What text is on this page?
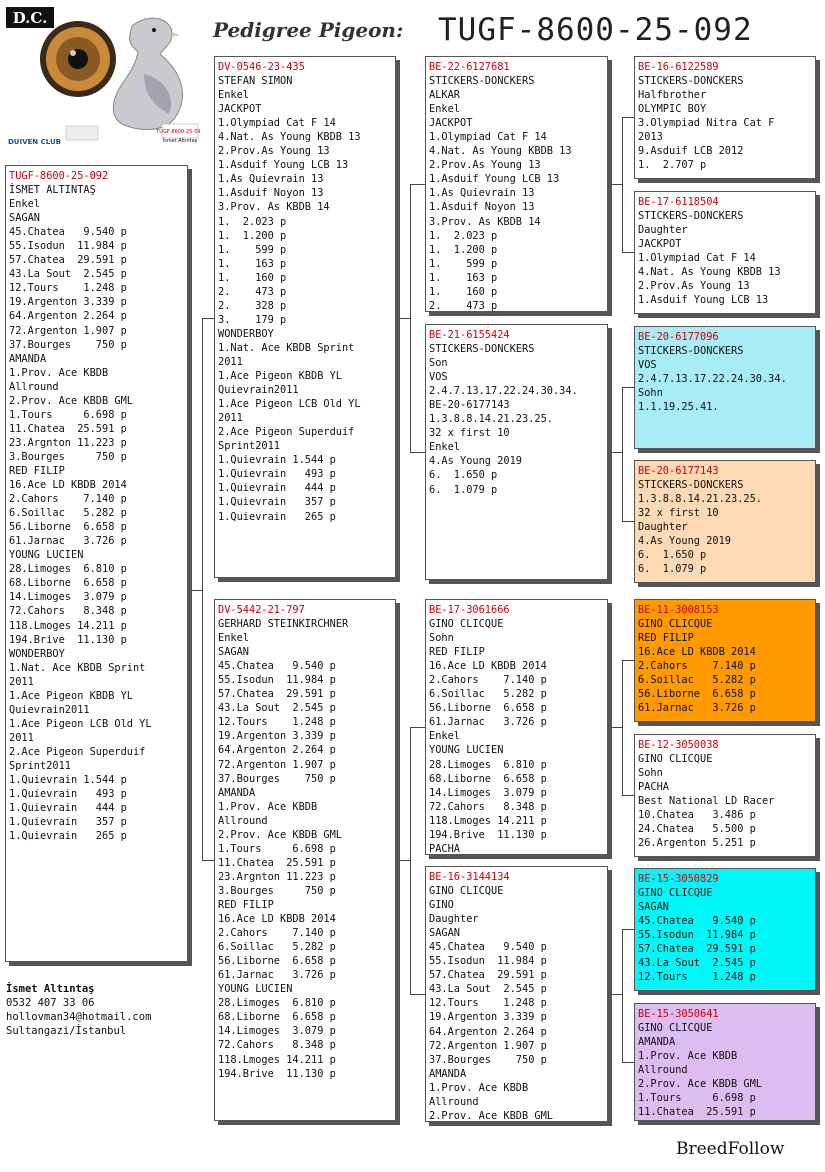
D.C.
TUGF-8600-25-092
İsmet Altıntaş
DUIVEN CLUB
Pedigree Pigeon: TUGF-8600-25-092
TUGF-8600-25-092
İSMET ALTINTAŞ
Enkel
SAGAN
45.Chatea   9.540 p
55.Isodun  11.984 p
57.Chatea  29.591 p
43.La Sout  2.545 p
12.Tours    1.248 p
19.Argenton 3.339 p
64.Argenton 2.264 p
72.Argenton 1.907 p
37.Bourges    750 p
AMANDA
1.Prov. Ace KBDB
Allround
2.Prov. Ace KBDB GML
1.Tours     6.698 p
11.Chatea  25.591 p
23.Argnton 11.223 p
3.Bourges     750 p
RED FILIP
16.Ace LD KBDB 2014
2.Cahors    7.140 p
6.Soillac   5.282 p
56.Liborne  6.658 p
61.Jarnac   3.726 p
YOUNG LUCIEN
28.Limoges  6.810 p
68.Liborne  6.658 p
14.Limoges  3.079 p
72.Cahors   8.348 p
118.Lmoges 14.211 p
194.Brive  11.130 p
WONDERBOY
1.Nat. Ace KBDB Sprint
2011
1.Ace Pigeon KBDB YL
Quievrain2011
1.Ace Pigeon LCB Old YL
2011
2.Ace Pigeon Superduif
Sprint2011
1.Quievrain 1.544 p
1.Quievrain   493 p
1.Quievrain   444 p
1.Quievrain   357 p
1.Quievrain   265 p
DV-0546-23-435
STEFAN SIMON
Enkel
JACKPOT
1.Olympiad Cat F 14
4.Nat. As Young KBDB 13
2.Prov.As Young 13
1.Asduif Young LCB 13
1.As Quievrain 13
1.Asduif Noyon 13
3.Prov. As KBDB 14
1.  2.023 p
1.  1.200 p
1.    599 p
1.    163 p
1.    160 p
2.    473 p
2.    328 p
3.    179 p
WONDERBOY
1.Nat. Ace KBDB Sprint
2011
1.Ace Pigeon KBDB YL
Quievrain2011
1.Ace Pigeon LCB Old YL
2011
2.Ace Pigeon Superduif
Sprint2011
1.Quievrain 1.544 p
1.Quievrain   493 p
1.Quievrain   444 p
1.Quievrain   357 p
1.Quievrain   265 p
DV-5442-21-797
GERHARD STEINKIRCHNER
Enkel
SAGAN
45.Chatea   9.540 p
55.Isodun  11.984 p
57.Chatea  29.591 p
43.La Sout  2.545 p
12.Tours    1.248 p
19.Argenton 3.339 p
64.Argenton 2.264 p
72.Argenton 1.907 p
37.Bourges    750 p
AMANDA
1.Prov. Ace KBDB
Allround
2.Prov. Ace KBDB GML
1.Tours     6.698 p
11.Chatea  25.591 p
23.Argnton 11.223 p
3.Bourges     750 p
RED FILIP
16.Ace LD KBDB 2014
2.Cahors    7.140 p
6.Soillac   5.282 p
56.Liborne  6.658 p
61.Jarnac   3.726 p
YOUNG LUCIEN
28.Limoges  6.810 p
68.Liborne  6.658 p
14.Limoges  3.079 p
72.Cahors   8.348 p
118.Lmoges 14.211 p
194.Brive  11.130 p
BE-22-6127681
STICKERS-DONCKERS
ALKAR
Enkel
JACKPOT
1.Olympiad Cat F 14
4.Nat. As Young KBDB 13
2.Prov.As Young 13
1.Asduif Young LCB 13
1.As Quievrain 13
1.Asduif Noyon 13
3.Prov. As KBDB 14
1.  2.023 p
1.  1.200 p
1.    599 p
1.    163 p
1.    160 p
2.    473 p
BE-21-6155424
STICKERS-DONCKERS
Son
VOS
2.4.7.13.17.22.24.30.34.
BE-20-6177143
1.3.8.8.14.21.23.25.
32 x first 10
Enkel
4.As Young 2019
6.  1.650 p
6.  1.079 p
BE-17-3061666
GINO CLICQUE
Sohn
RED FILIP
16.Ace LD KBDB 2014
2.Cahors    7.140 p
6.Soillac   5.282 p
56.Liborne  6.658 p
61.Jarnac   3.726 p
Enkel
YOUNG LUCIEN
28.Limoges  6.810 p
68.Liborne  6.658 p
14.Limoges  3.079 p
72.Cahors   8.348 p
118.Lmoges 14.211 p
194.Brive  11.130 p
PACHA
BE-16-3144134
GINO CLICQUE
GINO
Daughter
SAGAN
45.Chatea   9.540 p
55.Isodun  11.984 p
57.Chatea  29.591 p
43.La Sout  2.545 p
12.Tours    1.248 p
19.Argenton 3.339 p
64.Argenton 2.264 p
72.Argenton 1.907 p
37.Bourges    750 p
AMANDA
1.Prov. Ace KBDB
Allround
2.Prov. Ace KBDB GML
BE-16-6122589
STICKERS-DONCKERS
Halfbrother
OLYMPIC BOY
3.Olympiad Nitra Cat F
2013
9.Asduif LCB 2012
1.  2.707 p
BE-17-6118504
STICKERS-DONCKERS
Daughter
JACKPOT
1.Olympiad Cat F 14
4.Nat. As Young KBDB 13
2.Prov.As Young 13
1.Asduif Young LCB 13
BE-20-6177096
STICKERS-DONCKERS
VOS
2.4.7.13.17.22.24.30.34.
Sohn
1.1.19.25.41.
BE-20-6177143
STICKERS-DONCKERS
1.3.8.8.14.21.23.25.
32 x first 10
Daughter
4.As Young 2019
6.  1.650 p
6.  1.079 p
BE-11-3008153
GINO CLICQUE
RED FILIP
16.Ace LD KBDB 2014
2.Cahors    7.140 p
6.Soillac   5.282 p
56.Liborne  6.658 p
61.Jarnac   3.726 p
BE-12-3050038
GINO CLICQUE
Sohn
PACHA
Best National LD Racer
10.Chatea   3.486 p
24.Chatea   5.500 p
26.Argenton 5.251 p
BE-15-3050829
GINO CLICQUE
SAGAN
45.Chatea   9.540 p
55.Isodun  11.984 p
57.Chatea  29.591 p
43.La Sout  2.545 p
12.Tours    1.248 p
BE-15-3050641
GINO CLICQUE
AMANDA
1.Prov. Ace KBDB
Allround
2.Prov. Ace KBDB GML
1.Tours     6.698 p
11.Chatea  25.591 p
İsmet Altıntaş
0532 407 33 06
hollovman34@hotmail.com
Sultangazi/İstanbul
BreedFollow
